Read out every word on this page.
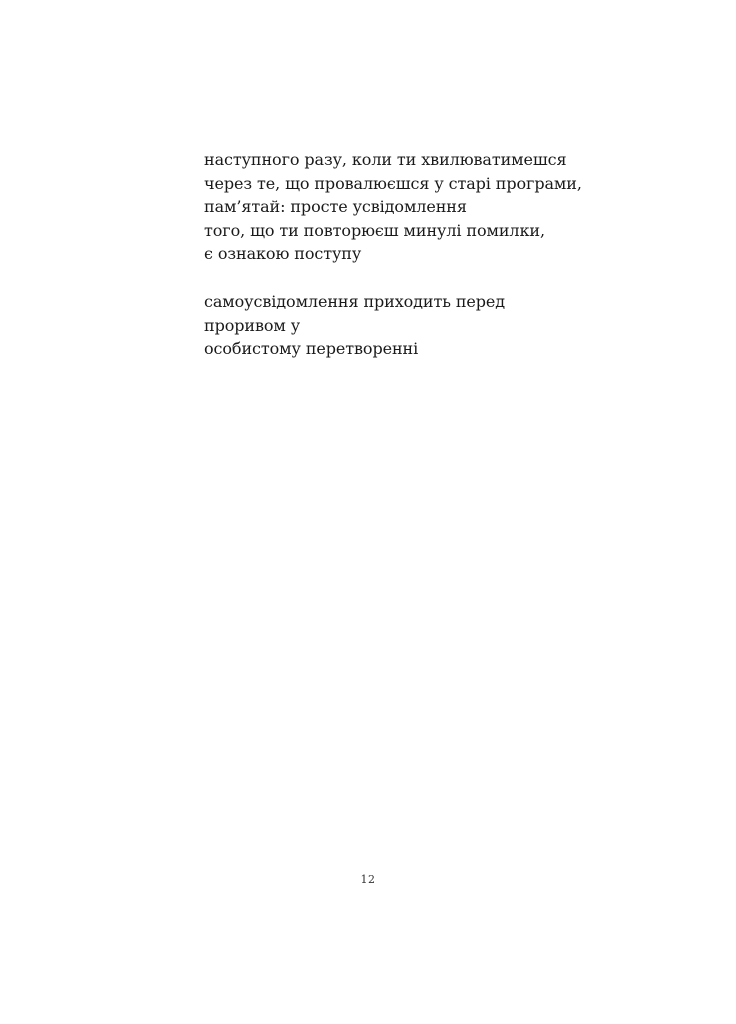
наступного разу, коли ти хвилюватимешся
через те, що провалюєшся у старі програми,
пам’ятай: просте усвідомлення
того, що ти повторюєш минулі помилки,
є ознакою поступу
самоусвідомлення приходить перед
проривом у
особистому перетворенні
12
